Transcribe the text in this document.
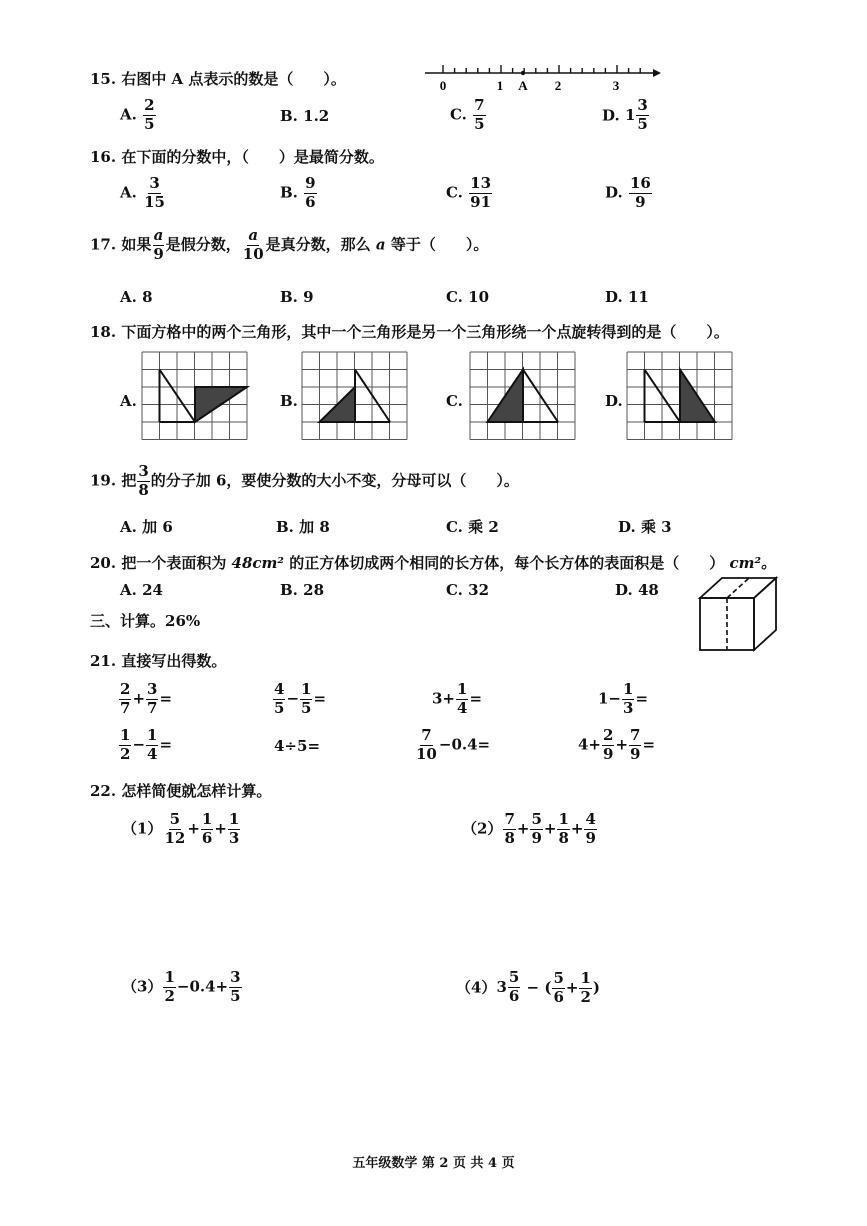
15. 右图中 A 点表示的数是（　　）。	0	1 A 2	3
A. $\frac{2}{5}$	B. 1.2	C. $\frac{7}{5}$	D. $1 \frac{3}{5}$
16. 在下面的分数中，（　　）是最简分数。
A. $\frac{3}{15}$	B. $\frac{9}{6}$	C. $\frac{13}{91}$	D. $\frac{16}{9}$
17. 如果 $\frac{a}{9}$ 是假分数， $\frac{a}{10}$ 是真分数，那么 a 等于（　　）。
A. 8	B. 9	C. 10	D. 11
18. 下面方格中的两个三角形，其中一个三角形是另一个三角形绕一个点旋转得到的是（　　）。
A.	B.	C.	D.
19. 把 $\frac{3}{8}$ 的分子加 6，要使分数的大小不变，分母可以（　　）。
A. 加 6	B. 加 8	C. 乘 2	D. 乘 3
20. 把一个表面积为 48cm² 的正方体切成两个相同的长方体，每个长方体的表面积是（　　） cm²。
A. 24	B. 28	C. 32	D. 48
三、计算。26%
21. 直接写出得数。
$\frac{2}{7} + \frac{3}{7}$ =	$\frac{4}{5} - \frac{1}{5}$ =	$3+ \frac{1}{4}$ =	$1- \frac{1}{3}$ =
$\frac{1}{2} - \frac{1}{4}$ =	4÷5=	$\frac{7}{10} -0.4=$	$4+ \frac{2}{9} + \frac{7}{9}$ =
22. 怎样简便就怎样计算。
$(1) \frac{5}{12} + \frac{1}{6} + \frac{1}{3}$	$(2) \frac{7}{8} + \frac{5}{9} + \frac{1}{8} + \frac{4}{9}$
$(3) \frac{1}{2} -0.4+ \frac{3}{5}$	（4） $3 \frac{5}{6}$ − ( $\frac{5}{6} + \frac{1}{2}$ )
五年级数学 第 2 页 共 4 页
